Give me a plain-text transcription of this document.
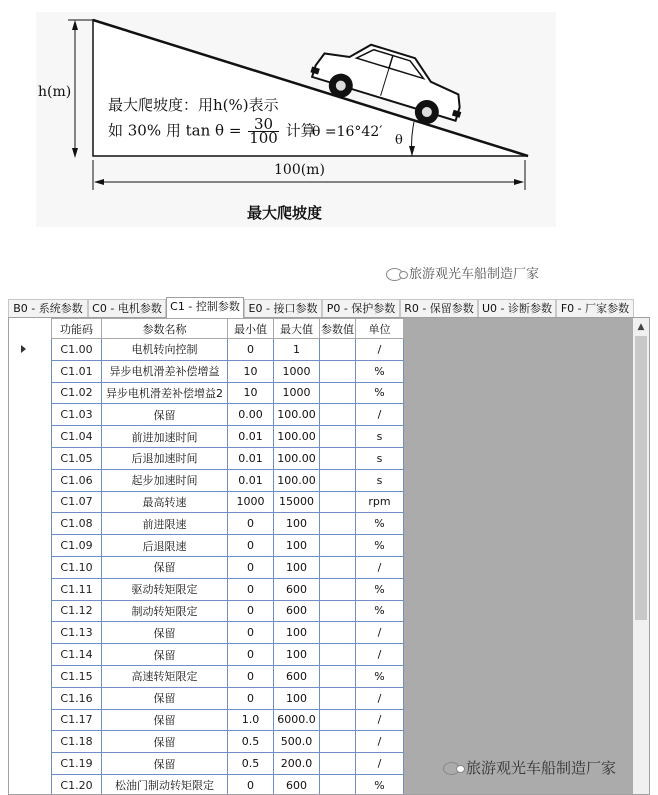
h(m)
最大爬坡度：用h(%)表示
如 30% 用 $\tan \theta = \frac{30}{100}$ 计算
θ =16°42′
θ
100(m)
最大爬坡度
旅游观光车船制造厂家
B0 - 系统参数 C0 - 电机参数 C1 - 控制参数 E0 - 接口参数 P0 - 保护参数 R0 - 保留参数 U0 - 诊断参数 F0 - 厂家参数
功能码	参数名称	最小值	最大值	参数值	单位
C1.00	电机转向控制	0	1		/
C1.01	异步电机滑差补偿增益	10	1000		%
C1.02	异步电机滑差补偿增益2	10	1000		%
C1.03	保留	0.00	100.00		/
C1.04	前进加速时间	0.01	100.00		s
C1.05	后退加速时间	0.01	100.00		s
C1.06	起步加速时间	0.01	100.00		s
C1.07	最高转速	1000	15000		rpm
C1.08	前进限速	0	100		%
C1.09	后退限速	0	100		%
C1.10	保留	0	100		/
C1.11	驱动转矩限定	0	600		%
C1.12	制动转矩限定	0	600		%
C1.13	保留	0	100		/
C1.14	保留	0	100		/
C1.15	高速转矩限定	0	600		%
C1.16	保留	0	100		/
C1.17	保留	1.0	6000.0		/
C1.18	保留	0.5	500.0		/
C1.19	保留	0.5	200.0		/
C1.20	松油门制动转矩限定	0	600		%
▲
旅游观光车船制造厂家
